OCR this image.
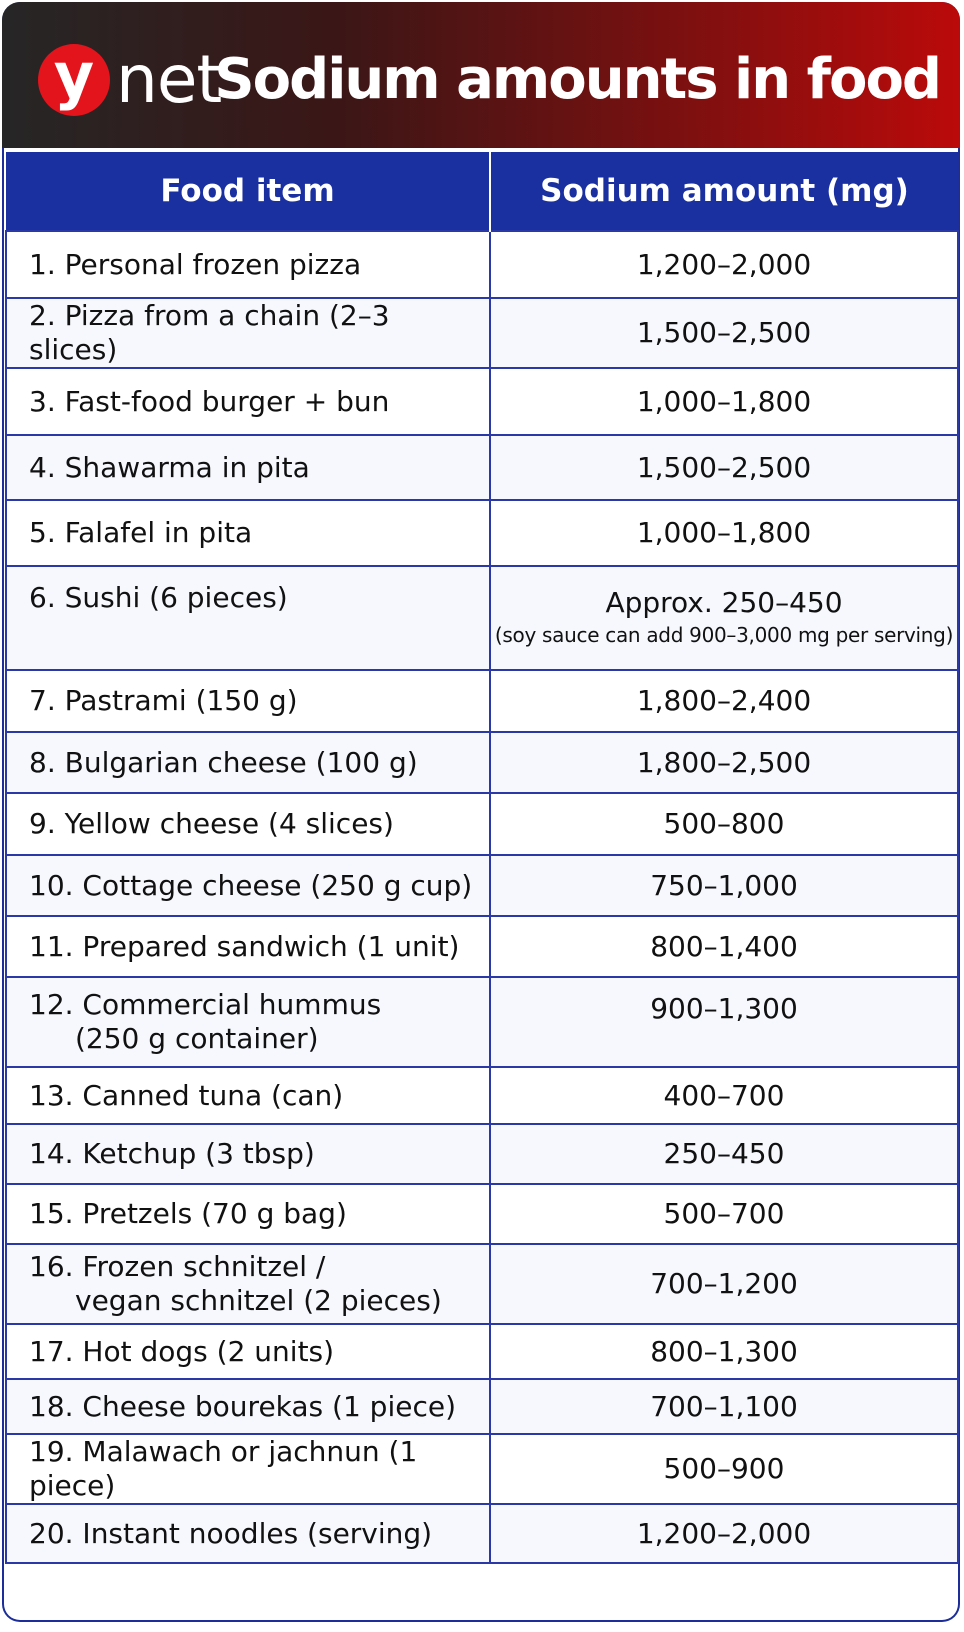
y net
Sodium amounts in food
Food item	Sodium amount (mg)
1. Personal frozen pizza	1,200–2,000
2. Pizza from a chain (2–3 slices)	1,500–2,500
3. Fast-food burger + bun	1,000–1,800
4. Shawarma in pita	1,500–2,500
5. Falafel in pita	1,000–1,800
6. Sushi (6 pieces)	Approx. 250–450
(soy sauce can add 900–3,000 mg per serving)

7. Pastrami (150 g)	1,800–2,400
8. Bulgarian cheese (100 g)	1,800–2,500
9. Yellow cheese (4 slices)	500–800
10. Cottage cheese (250 g cup)	750–1,000
11. Prepared sandwich (1 unit)	800–1,400
12. Commercial hummus
(250 g container)	900–1,300
13. Canned tuna (can)	400–700
14. Ketchup (3 tbsp)	250–450
15. Pretzels (70 g bag)	500–700
16. Frozen schnitzel /
vegan schnitzel (2 pieces)	700–1,200
17. Hot dogs (2 units)	800–1,300
18. Cheese bourekas (1 piece)	700–1,100
19. Malawach or jachnun (1 piece)	500–900
20. Instant noodles (serving)	1,200–2,000
